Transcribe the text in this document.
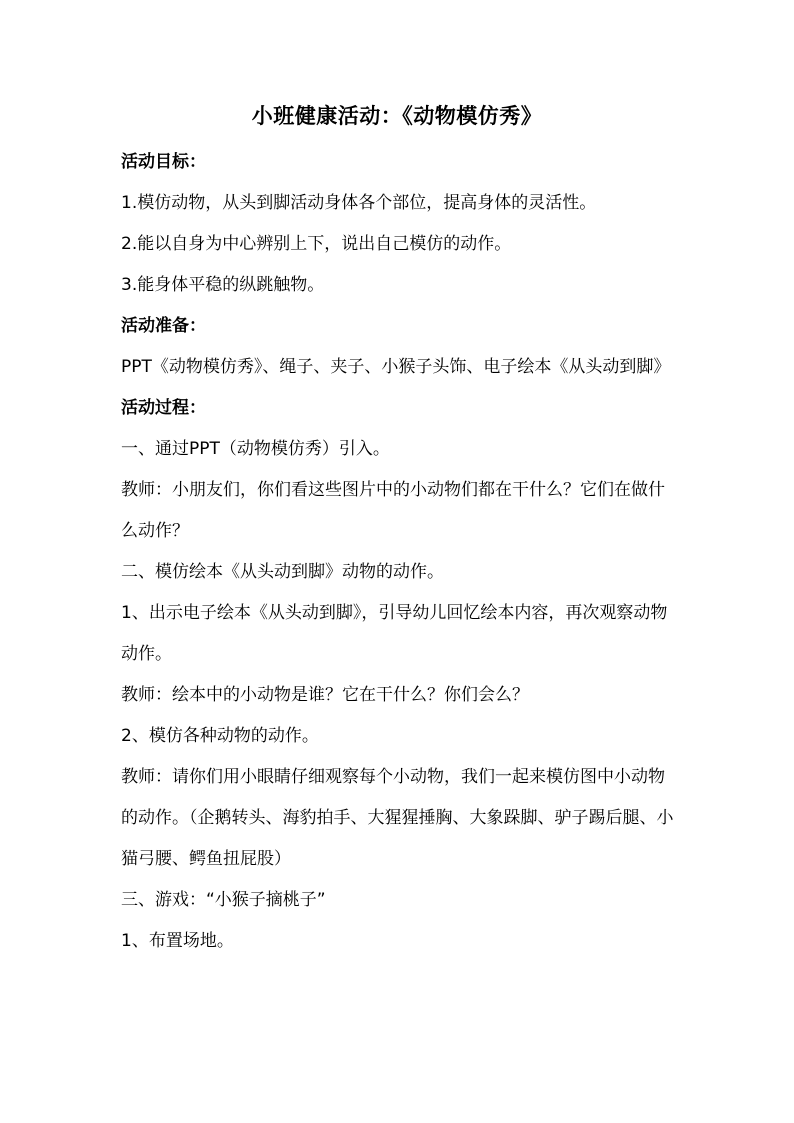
小班健康活动：《动物模仿秀》

活动目标：

1.模仿动物，从头到脚活动身体各个部位，提高身体的灵活性。

2.能以自身为中心辨别上下，说出自己模仿的动作。

3.能身体平稳的纵跳触物。

活动准备：

PPT《动物模仿秀》、绳子、夹子、小猴子头饰、电子绘本《从头动到脚》

活动过程：

一、通过PPT（动物模仿秀）引入。

教师：小朋友们，你们看这些图片中的小动物们都在干什么？它们在做什么动作？

二、模仿绘本《从头动到脚》动物的动作。

1、出示电子绘本《从头动到脚》，引导幼儿回忆绘本内容，再次观察动物动作。

教师：绘本中的小动物是谁？它在干什么？你们会么？

2、模仿各种动物的动作。

教师：请你们用小眼睛仔细观察每个小动物，我们一起来模仿图中小动物的动作。（企鹅转头、海豹拍手、大猩猩捶胸、大象跺脚、驴子踢后腿、小猫弓腰、鳄鱼扭屁股）

三、游戏：“小猴子摘桃子”

1、布置场地。
